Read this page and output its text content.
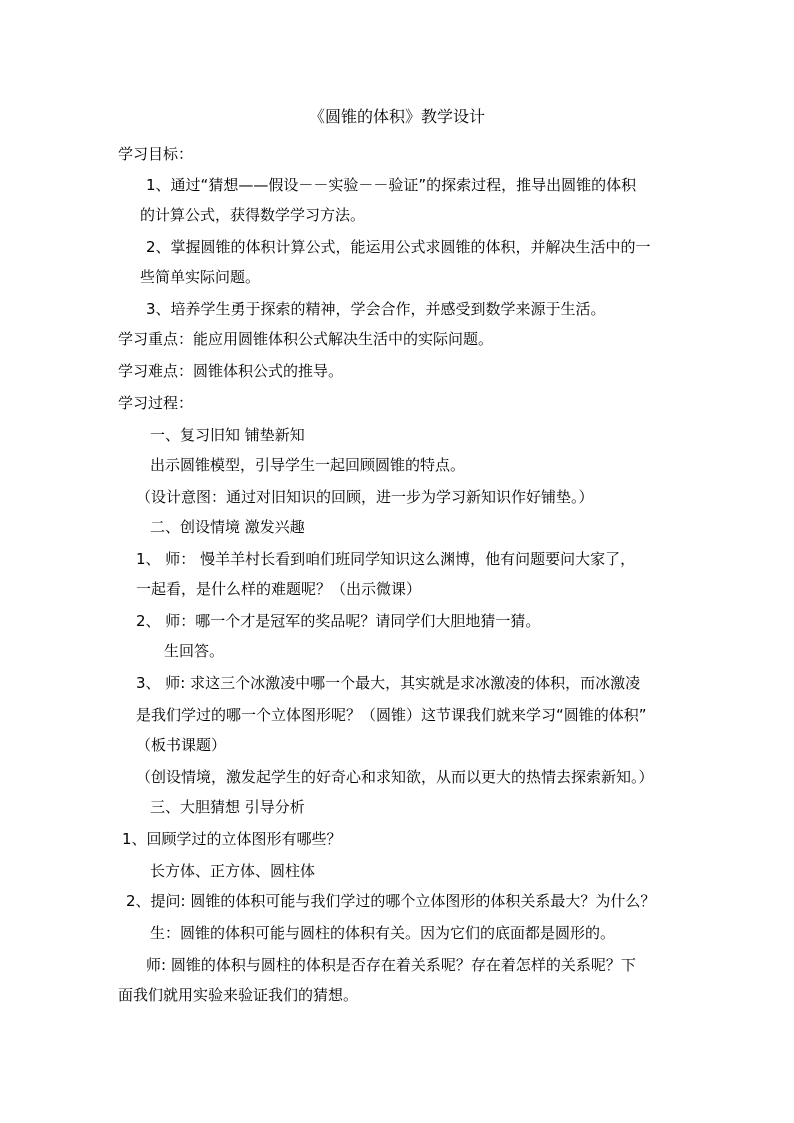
《圆锥的体积》教学设计
学习目标：
1、通过“猜想——假设－－实验－－验证”的探索过程，推导出圆锥的体积
的计算公式，获得数学学习方法。
2、掌握圆锥的体积计算公式，能运用公式求圆锥的体积，并解决生活中的一
些简单实际问题。
3、培养学生勇于探索的精神，学会合作，并感受到数学来源于生活。
学习重点：能应用圆锥体积公式解决生活中的实际问题。
学习难点：圆锥体积公式的推导。
学习过程：
一、复习旧知 铺垫新知
出示圆锥模型，引导学生一起回顾圆锥的特点。
（设计意图：通过对旧知识的回顾，进一步为学习新知识作好铺垫。）
二、创设情境 激发兴趣
1、 师： 慢羊羊村长看到咱们班同学知识这么渊博，他有问题要问大家了，
一起看，是什么样的难题呢？（出示微课）
2、 师：哪一个才是冠军的奖品呢？请同学们大胆地猜一猜。
生回答。
3、 师: 求这三个冰激凌中哪一个最大，其实就是求冰激凌的体积，而冰激凌
是我们学过的哪一个立体图形呢？（圆锥）这节课我们就来学习“圆锥的体积”
（板书课题）
（创设情境，激发起学生的好奇心和求知欲，从而以更大的热情去探索新知。）
三、大胆猜想 引导分析
1、回顾学过的立体图形有哪些？
长方体、正方体、圆柱体
2、提问: 圆锥的体积可能与我们学过的哪个立体图形的体积关系最大？为什么？
生：圆锥的体积可能与圆柱的体积有关。因为它们的底面都是圆形的。
师: 圆锥的体积与圆柱的体积是否存在着关系呢？存在着怎样的关系呢？下
面我们就用实验来验证我们的猜想。
